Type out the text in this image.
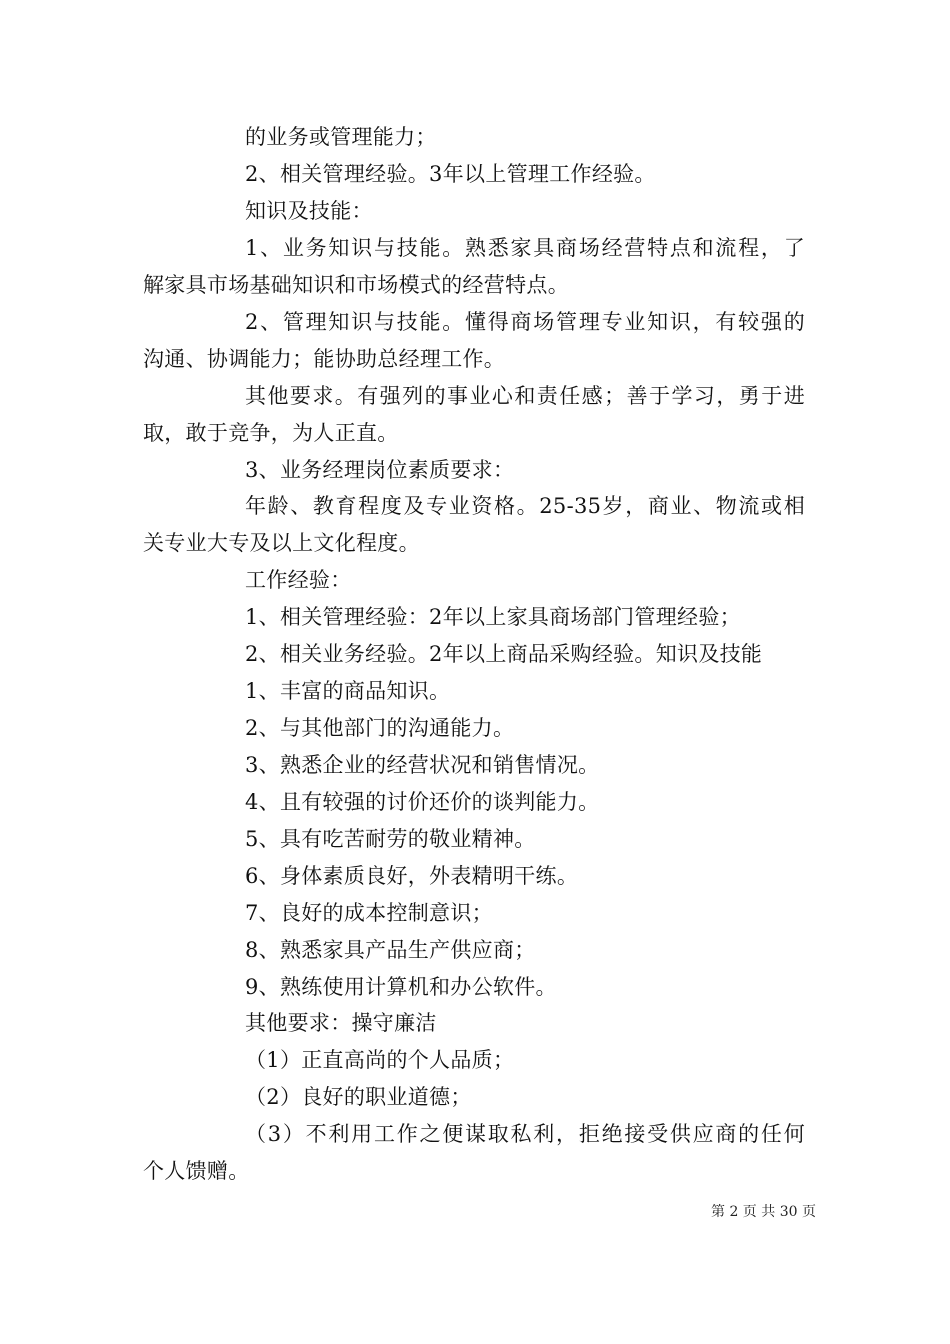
的业务或管理能力；
2、相关管理经验。3年以上管理工作经验。
知识及技能：
1、业务知识与技能。熟悉家具商场经营特点和流程，了
解家具市场基础知识和市场模式的经营特点。
2、管理知识与技能。懂得商场管理专业知识，有较强的
沟通、协调能力；能协助总经理工作。
其他要求。有强列的事业心和责任感；善于学习，勇于进
取，敢于竞争，为人正直。
3、业务经理岗位素质要求：
年龄、教育程度及专业资格。25-35岁，商业、物流或相
关专业大专及以上文化程度。
工作经验：
1、相关管理经验：2年以上家具商场部门管理经验；
2、相关业务经验。2年以上商品采购经验。知识及技能
1、丰富的商品知识。
2、与其他部门的沟通能力。
3、熟悉企业的经营状况和销售情况。
4、且有较强的讨价还价的谈判能力。
5、具有吃苦耐劳的敬业精神。
6、身体素质良好，外表精明干练。
7、良好的成本控制意识；
8、熟悉家具产品生产供应商；
9、熟练使用计算机和办公软件。
其他要求：操守廉洁
（1）正直高尚的个人品质；
（2）良好的职业道德；
（3）不利用工作之便谋取私利，拒绝接受供应商的任何
个人馈赠。
第 2 页 共 30 页
